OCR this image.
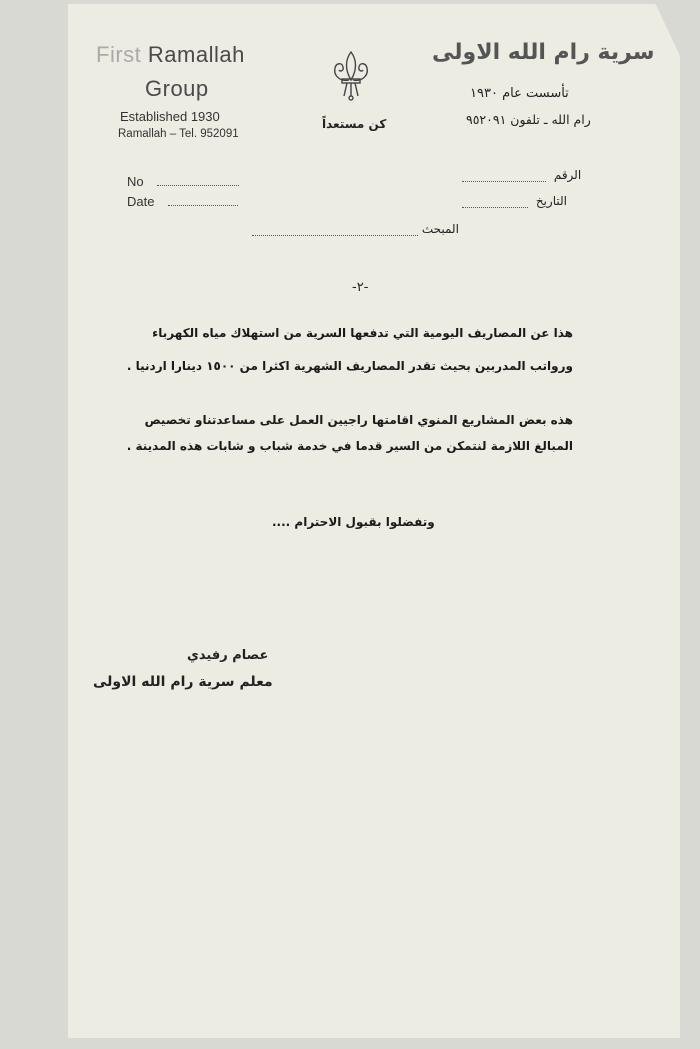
First Ramallah
Group
Established 1930
Ramallah – Tel. 952091
كن مستعداً
سرية رام الله الاولى
تأسست عام ١٩٣٠
رام الله ـ تلفون ٩٥٢٠٩١
No
Date
الرقم
التاريخ
المبحث
-٢-
هذا عن المصاريف اليومية التي تدفعها السرية من استهلاك مياه الكهرباء
ورواتب المدربين بحيث تقدر المصاريف الشهرية اكثرا من ١٥٠٠ دينارا اردنيا .
هذه بعض المشاريع المنوي اقامتها راجيين العمل على مساعدتناو تخصيص
المبالغ اللازمة لنتمكن من السير قدما في خدمة شباب و شابات هذه المدينة .
وتفضلوا بقبول الاحترام ....
عصام رفيدي
معلم سرية رام الله الاولى
